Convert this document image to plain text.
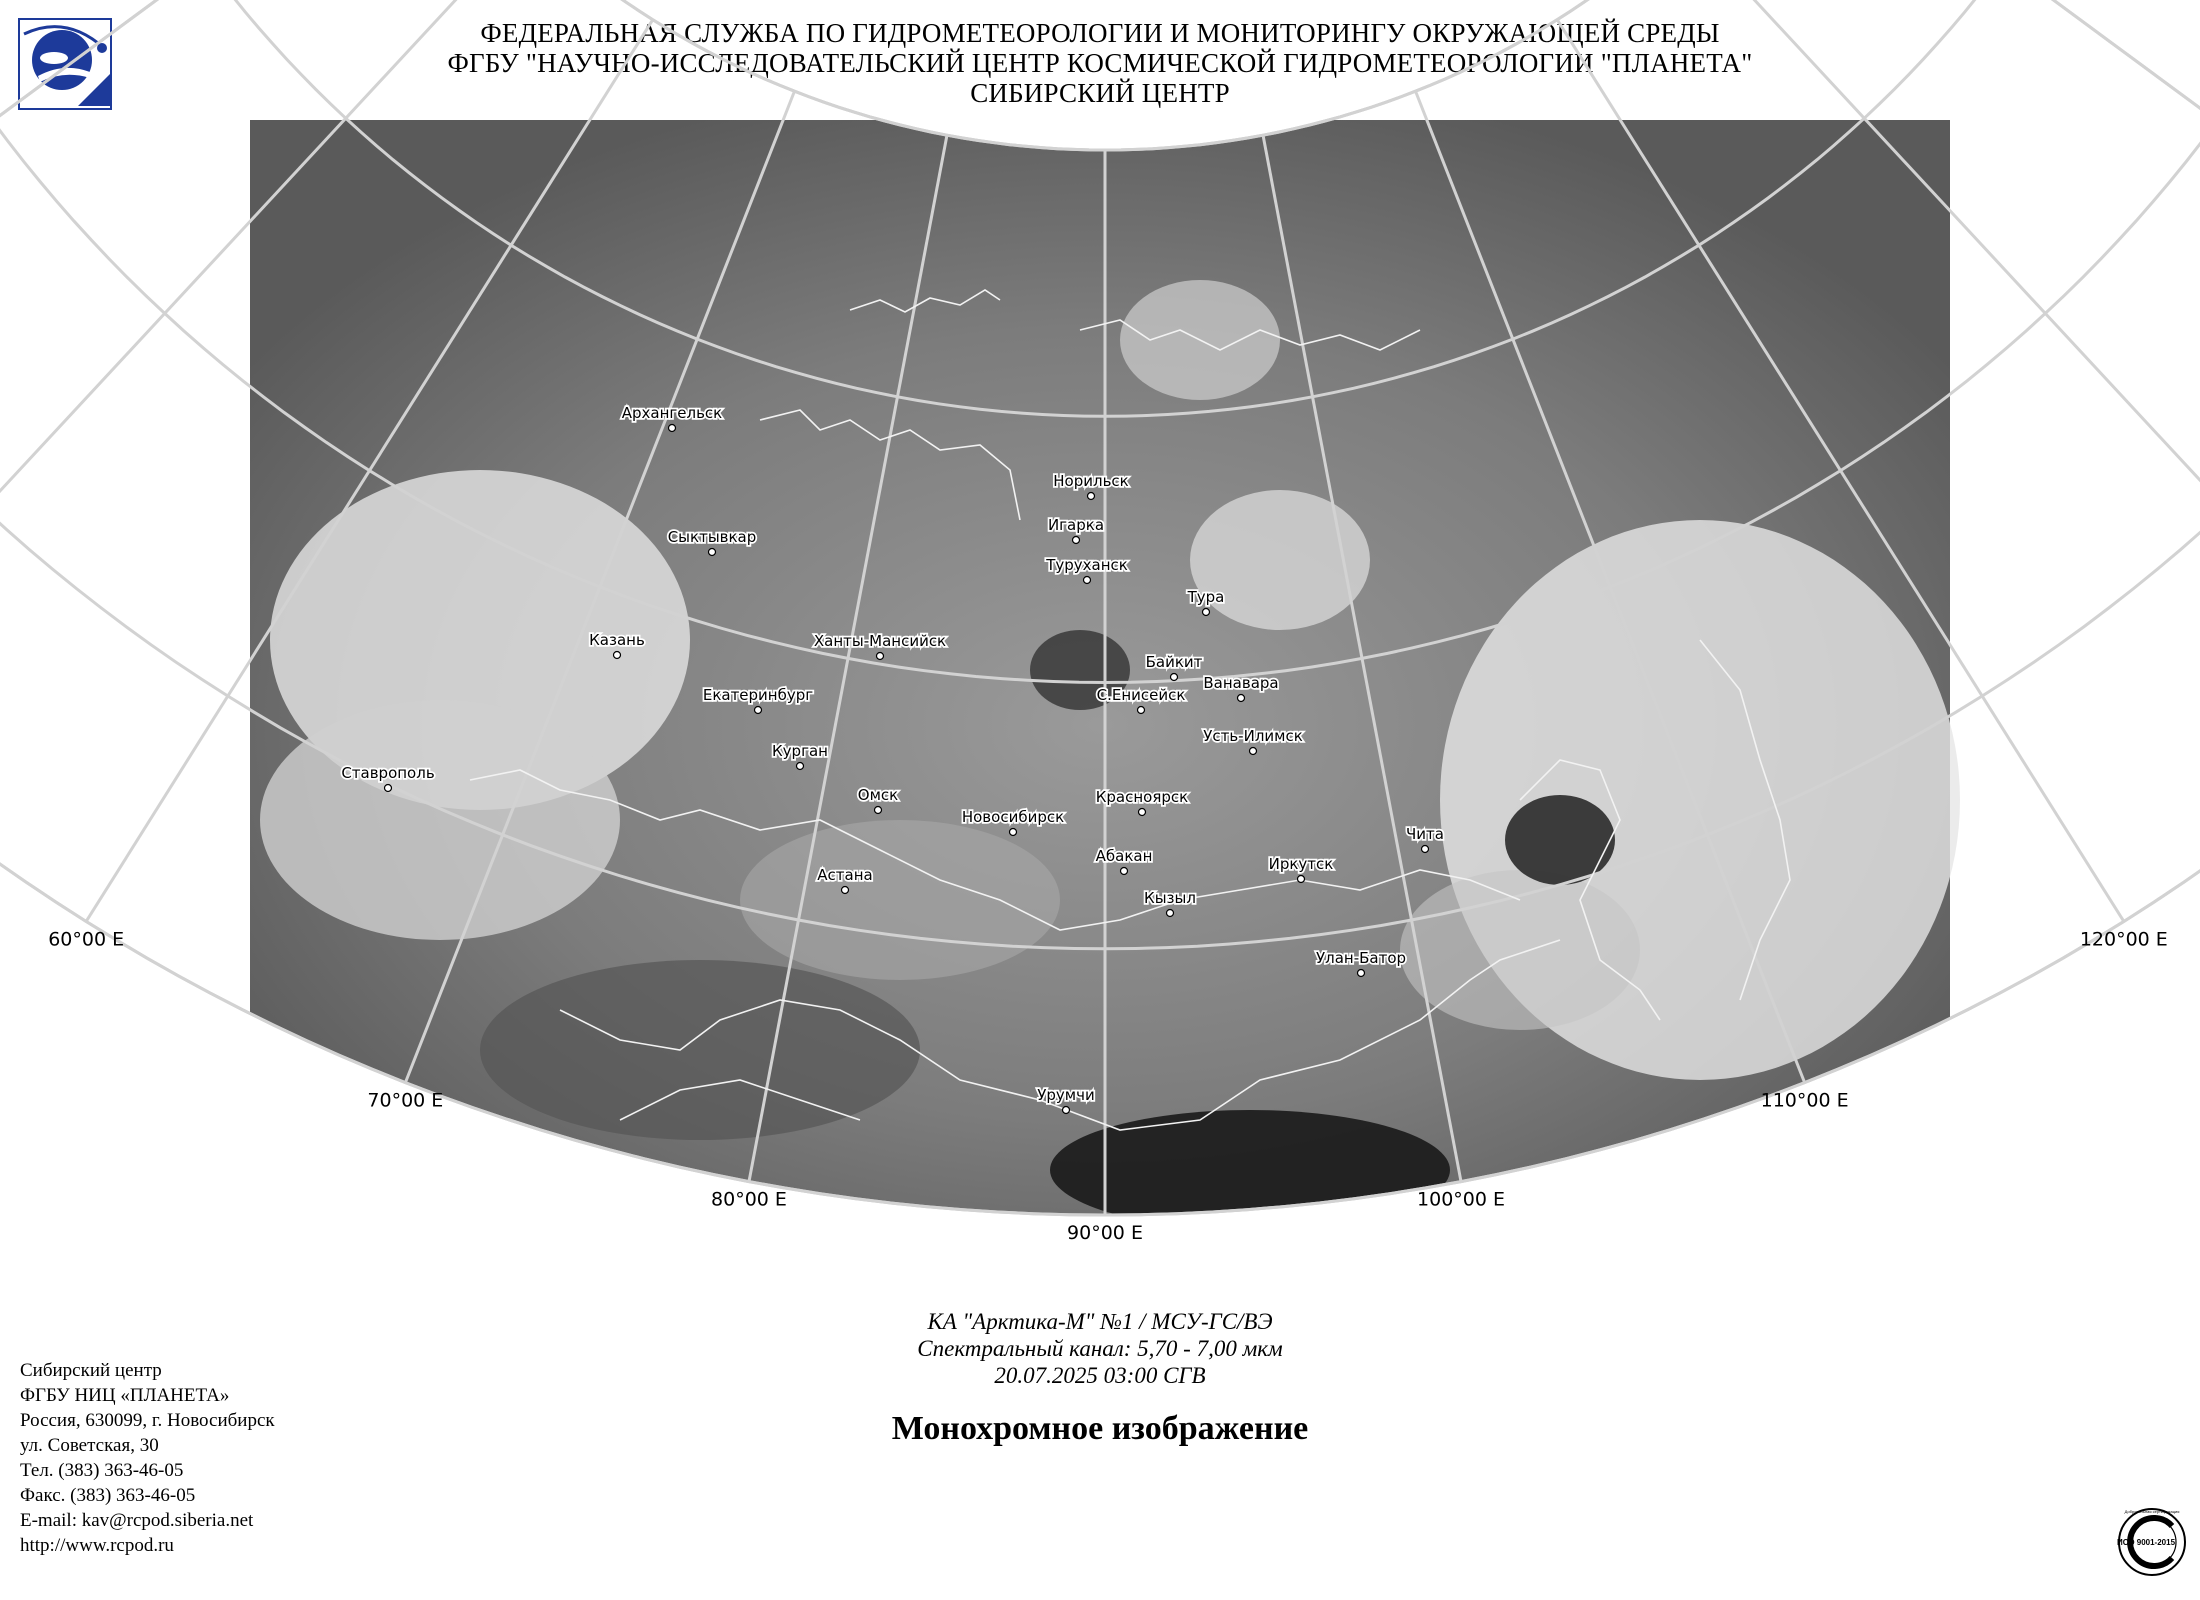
ФЕДЕРАЛЬНАЯ СЛУЖБА ПО ГИДРОМЕТЕОРОЛОГИИ И МОНИТОРИНГУ ОКРУЖАЮЩЕЙ СРЕДЫ
ФГБУ "НАУЧНО-ИССЛЕДОВАТЕЛЬСКИЙ ЦЕНТР КОСМИЧЕСКОЙ ГИДРОМЕТЕОРОЛОГИИ "ПЛАНЕТА"
СИБИРСКИЙ ЦЕНТР
60°00 E
70°00 E
80°00 E
90°00 E
100°00 E
110°00 E
120°00 E
Архангельск
Сыктывкар
Казань
Ставрополь
Екатеринбург
Ханты-Мансийск
Курган
Омск
Астана
Новосибирск
Норильск
Игарка
Туруханск
Тура
Байкит
С.Енисейск
Ванавара
Усть-Илимск
Красноярск
Абакан
Кызыл
Иркутск
Чита
Улан-Батор
Урумчи
КА "Арктика-М" №1 / МСУ-ГС/ВЭ
Спектральный канал: 5,70 - 7,00 мкм
20.07.2025 03:00 СГВ
Монохромное изображение
Сибирский центр
ФГБУ НИЦ «ПЛАНЕТА»
Россия, 630099, г. Новосибирск
ул. Советская, 30
Тел. (383) 363-46-05
Факс. (383) 363-46-05
E-mail: kav@rcpod.siberia.net
http://www.rcpod.ru	ИСО 9001-2015
Добровольная сертификация
